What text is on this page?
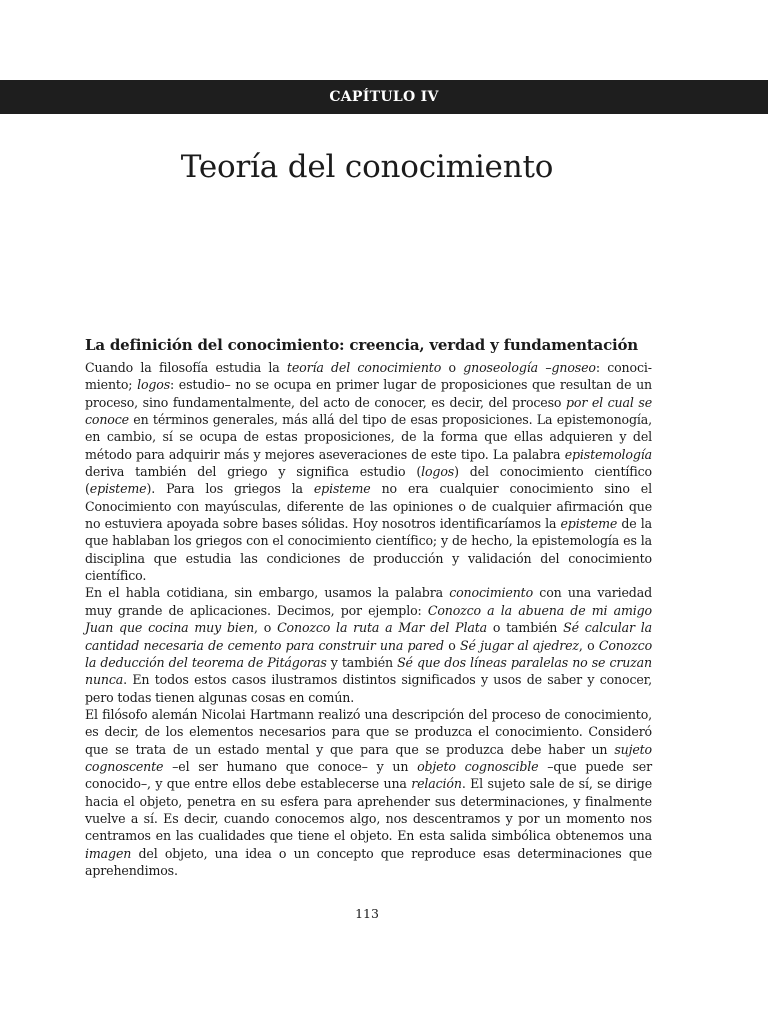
CAPÍTULO IV
Teoría del conocimiento
La definición del conocimiento: creencia, verdad y fundamentación

Cuando la filosofía estudia la teoría del conocimiento o gnoseología –gnoseo: conocimiento; logos: estudio– no se ocupa en primer lugar de proposiciones que resultan de un proceso, sino fundamentalmente, del acto de conocer, es decir, del proceso por el cual se conoce en términos generales, más allá del tipo de esas proposiciones. La epistemonogía, en cambio, sí se ocupa de estas proposiciones, de la forma que ellas adquieren y del método para adquirir más y mejores aseveraciones de este tipo. La palabra epistemología deriva también del griego y significa estudio (logos) del conocimiento científico (episteme). Para los griegos la episteme no era cualquier conocimiento sino el Conocimiento con mayúsculas, diferente de las opiniones o de cualquier afirmación que no estuviera apoyada sobre bases sólidas. Hoy nosotros identificaríamos la episteme de la que hablaban los griegos con el conocimiento científico; y de hecho, la epistemología es la disciplina que estudia las condiciones de producción y validación del conocimiento científico.

En el habla cotidiana, sin embargo, usamos la palabra conocimiento con una variedad muy grande de aplicaciones. Decimos, por ejemplo: Conozco a la abuena de mi amigo Juan que cocina muy bien, o Conozco la ruta a Mar del Plata o también Sé calcular la cantidad necesaria de cemento para construir una pared o Sé jugar al ajedrez, o Conozco la deducción del teorema de Pitágoras y también Sé que dos líneas paralelas no se cruzan nunca. En todos estos casos ilustramos distintos significados y usos de saber y conocer, pero todas tienen algunas cosas en común.

El filósofo alemán Nicolai Hartmann realizó una descripción del proceso de conocimiento, es decir, de los elementos necesarios para que se produzca el conocimiento. Consideró que se trata de un estado mental y que para que se produzca debe haber un sujeto cognoscente –el ser humano que conoce– y un objeto cognoscible –que puede ser conocido–, y que entre ellos debe establecerse una relación. El sujeto sale de sí, se dirige hacia el objeto, penetra en su esfera para aprehender sus determinaciones, y finalmente vuelve a sí. Es decir, cuando conocemos algo, nos descentramos y por un momento nos centramos en las cualidades que tiene el objeto. En esta salida simbólica obtenemos una imagen del objeto, una idea o un concepto que reproduce esas determinaciones que aprehendimos.

113
